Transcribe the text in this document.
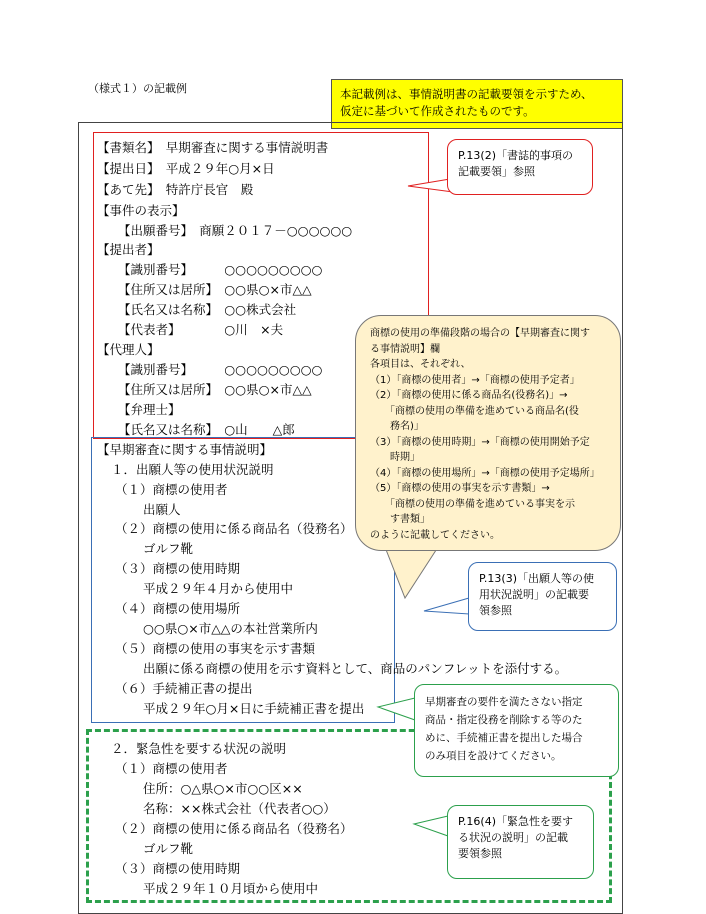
（様式１）の記載例	本記載例は、事情説明書の記載要領を示すため、
仮定に基づいて作成されたものです。
【書類名】　早期審査に関する事情説明書
【提出日】　平成２９年○月×日
【あて先】　特許庁長官　殿
【事件の表示】
【出願番号】　商願２０１７－○○○○○○
【提出者】
【識別番号】　　　○○○○○○○○○
【住所又は居所】　○○県○×市△△
【氏名又は名称】　○○株式会社
【代表者】　　　　○川　×夫
【代理人】
【識別番号】　　　○○○○○○○○○
【住所又は居所】　○○県○×市△△
【弁理士】
【氏名又は名称】　○山　　△郎
【早期審査に関する事情説明】
１．出願人等の使用状況説明
（１）商標の使用者
出願人
（２）商標の使用に係る商品名（役務名）
ゴルフ靴
（３）商標の使用時期
平成２９年４月から使用中
（４）商標の使用場所
○○県○×市△△の本社営業所内
（５）商標の使用の事実を示す書類
出願に係る商標の使用を示す資料として、商品のパンフレットを添付する。
（６）手続補正書の提出
平成２９年○月×日に手続補正書を提出
２．緊急性を要する状況の説明
（１）商標の使用者
住所：○△県○×市○○区××
名称：××株式会社（代表者○○）
（２）商標の使用に係る商品名（役務名）
ゴルフ靴
（３）商標の使用時期
平成２９年１０月頃から使用中
P.13(2)「書誌的事項の
記載要領」参照
商標の使用の準備段階の場合の【早期審査に関す
る事情説明】欄
各項目は、それぞれ、
（1）「商標の使用者」→「商標の使用予定者」
（2）「商標の使用に係る商品名(役務名)」→
　　「商標の使用の準備を進めている商品名(役
　　務名)」
（3）「商標の使用時期」→「商標の使用開始予定
　　時期」
（4）「商標の使用場所」→「商標の使用予定場所」
（5）「商標の使用の事実を示す書類」→
　　「商標の使用の準備を進めている事実を示
　　す書類」
のように記載してください。
P.13(3)「出願人等の使
用状況説明」の記載要
領参照
早期審査の要件を満たさない指定
商品・指定役務を削除する等のた
めに、手続補正書を提出した場合
のみ項目を設けてください。
P.16(4)「緊急性を要す
る状況の説明」の記載
要領参照
